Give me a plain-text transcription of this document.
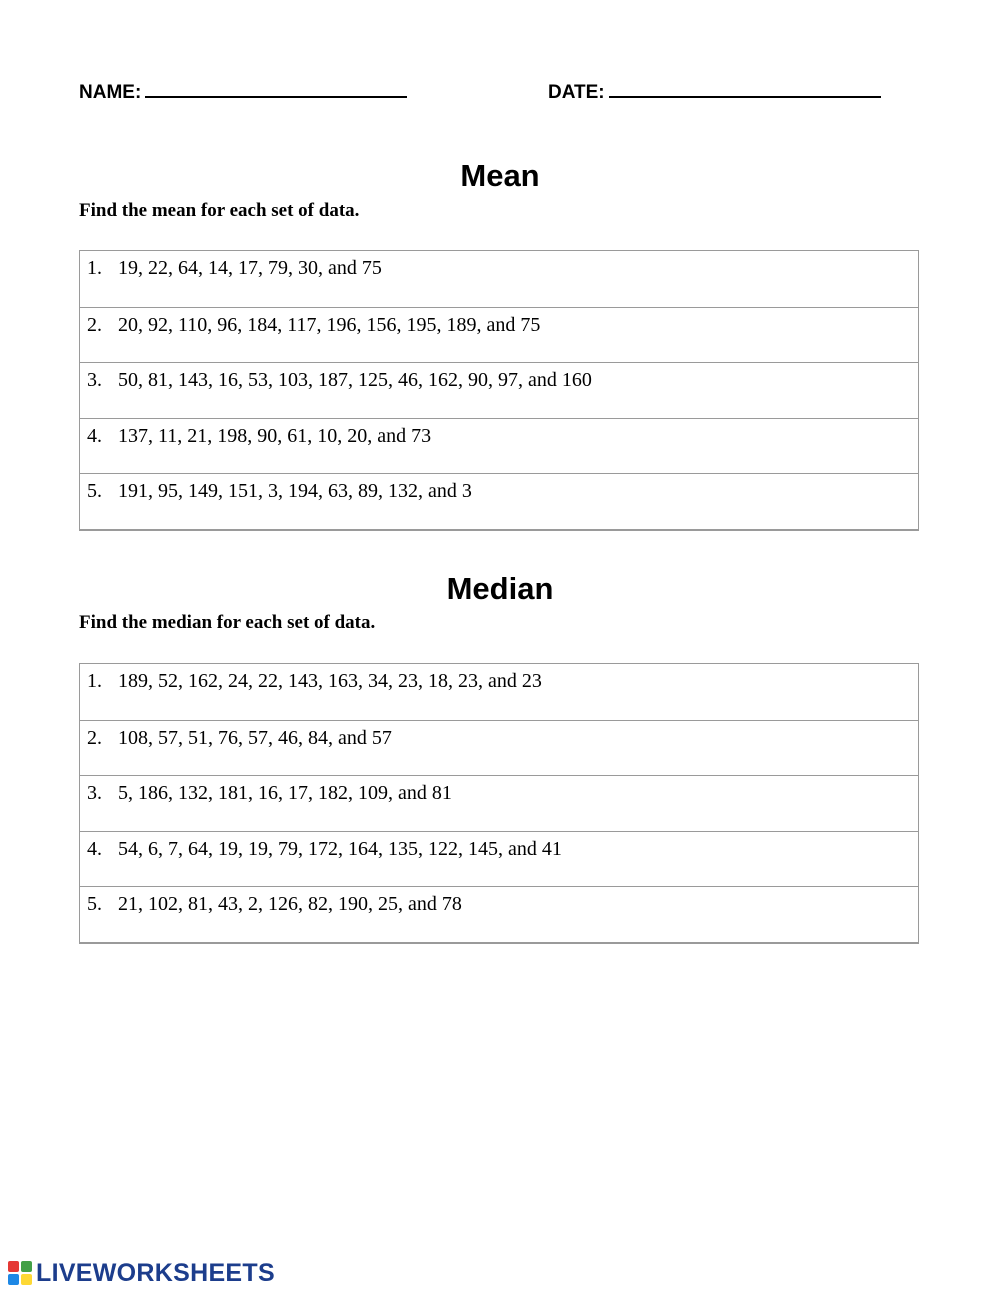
NAME:	DATE:
Mean

Find the mean for each set of data.

1. 19, 22, 64, 14, 17, 79, 30, and 75
2. 20, 92, 110, 96, 184, 117, 196, 156, 195, 189, and 75
3. 50, 81, 143, 16, 53, 103, 187, 125, 46, 162, 90, 97, and 160
4. 137, 11, 21, 198, 90, 61, 10, 20, and 73
5. 191, 95, 149, 151, 3, 194, 63, 89, 132, and 3
Median

Find the median for each set of data.

1. 189, 52, 162, 24, 22, 143, 163, 34, 23, 18, 23, and 23
2. 108, 57, 51, 76, 57, 46, 84, and 57
3. 5, 186, 132, 181, 16, 17, 182, 109, and 81
4. 54, 6, 7, 64, 19, 19, 79, 172, 164, 135, 122, 145, and 41
5. 21, 102, 81, 43, 2, 126, 82, 190, 25, and 78
LIVEWORKSHEETS
